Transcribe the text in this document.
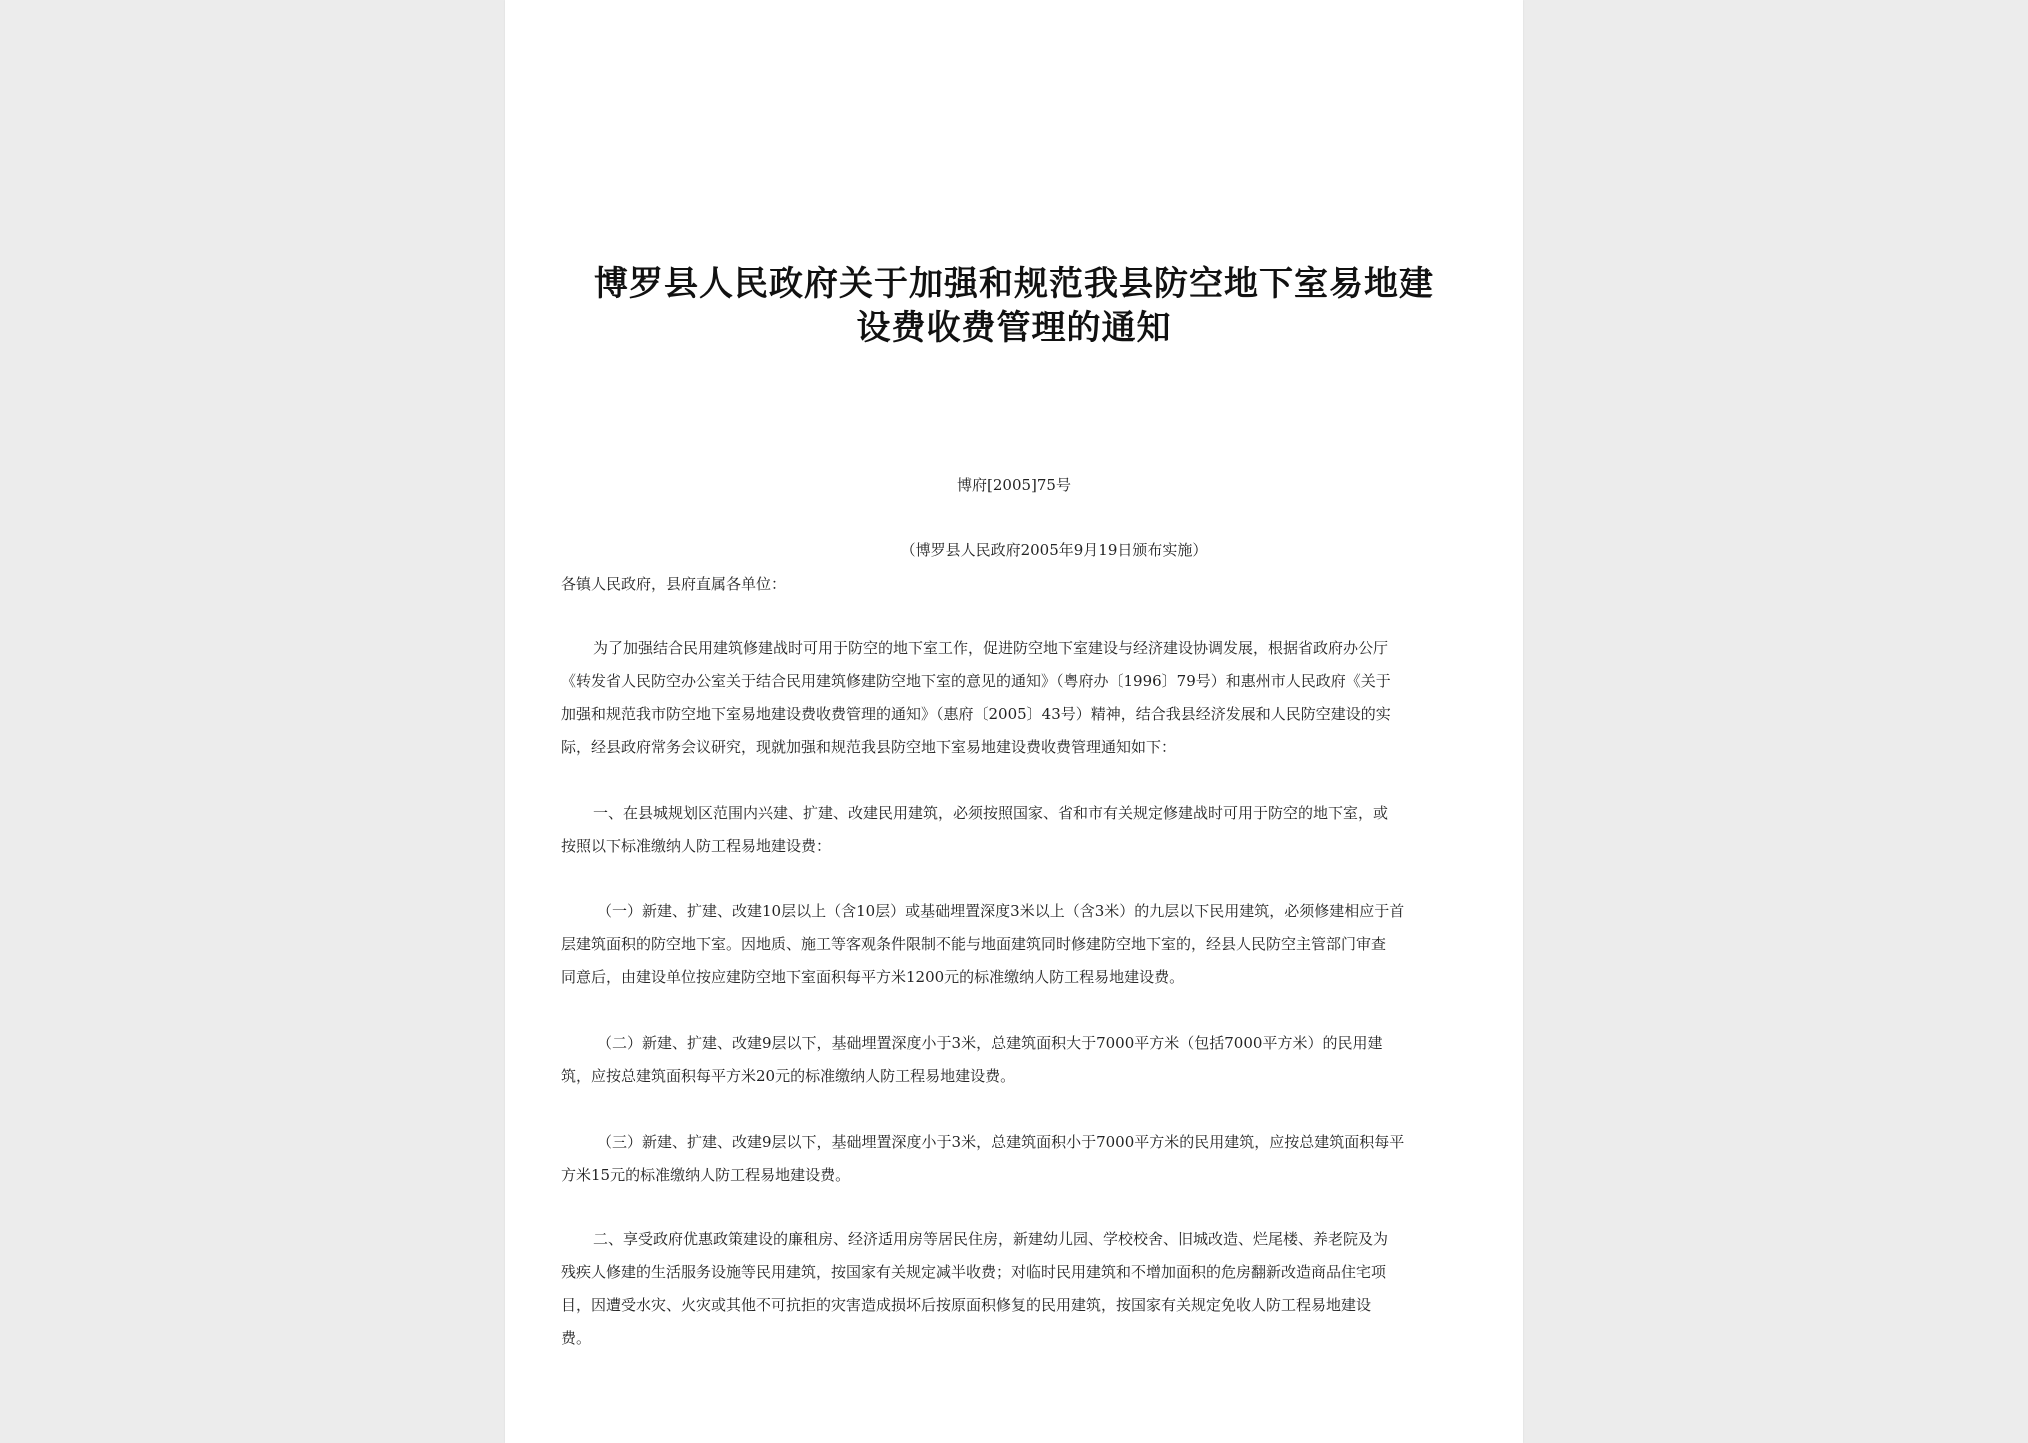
博罗县人民政府关于加强和规范我县防空地下室易地建
设费收费管理的通知
博府[2005]75号
（博罗县人民政府2005年9月19日颁布实施）
各镇人民政府，县府直属各单位：
为了加强结合民用建筑修建战时可用于防空的地下室工作，促进防空地下室建设与经济建设协调发展，根据省政府办公厅
《转发省人民防空办公室关于结合民用建筑修建防空地下室的意见的通知》（粤府办〔1996〕79号）和惠州市人民政府《关于
加强和规范我市防空地下室易地建设费收费管理的通知》（惠府〔2005〕43号）精神，结合我县经济发展和人民防空建设的实
际，经县政府常务会议研究，现就加强和规范我县防空地下室易地建设费收费管理通知如下：
一、在县城规划区范围内兴建、扩建、改建民用建筑，必须按照国家、省和市有关规定修建战时可用于防空的地下室，或
按照以下标准缴纳人防工程易地建设费：
（一）新建、扩建、改建10层以上（含10层）或基础埋置深度3米以上（含3米）的九层以下民用建筑，必须修建相应于首
层建筑面积的防空地下室。因地质、施工等客观条件限制不能与地面建筑同时修建防空地下室的，经县人民防空主管部门审查
同意后，由建设单位按应建防空地下室面积每平方米1200元的标准缴纳人防工程易地建设费。
（二）新建、扩建、改建9层以下，基础埋置深度小于3米，总建筑面积大于7000平方米（包括7000平方米）的民用建
筑，应按总建筑面积每平方米20元的标准缴纳人防工程易地建设费。
（三）新建、扩建、改建9层以下，基础埋置深度小于3米，总建筑面积小于7000平方米的民用建筑，应按总建筑面积每平
方米15元的标准缴纳人防工程易地建设费。
二、享受政府优惠政策建设的廉租房、经济适用房等居民住房，新建幼儿园、学校校舍、旧城改造、烂尾楼、养老院及为
残疾人修建的生活服务设施等民用建筑，按国家有关规定减半收费；对临时民用建筑和不增加面积的危房翻新改造商品住宅项
目，因遭受水灾、火灾或其他不可抗拒的灾害造成损坏后按原面积修复的民用建筑，按国家有关规定免收人防工程易地建设
费。
